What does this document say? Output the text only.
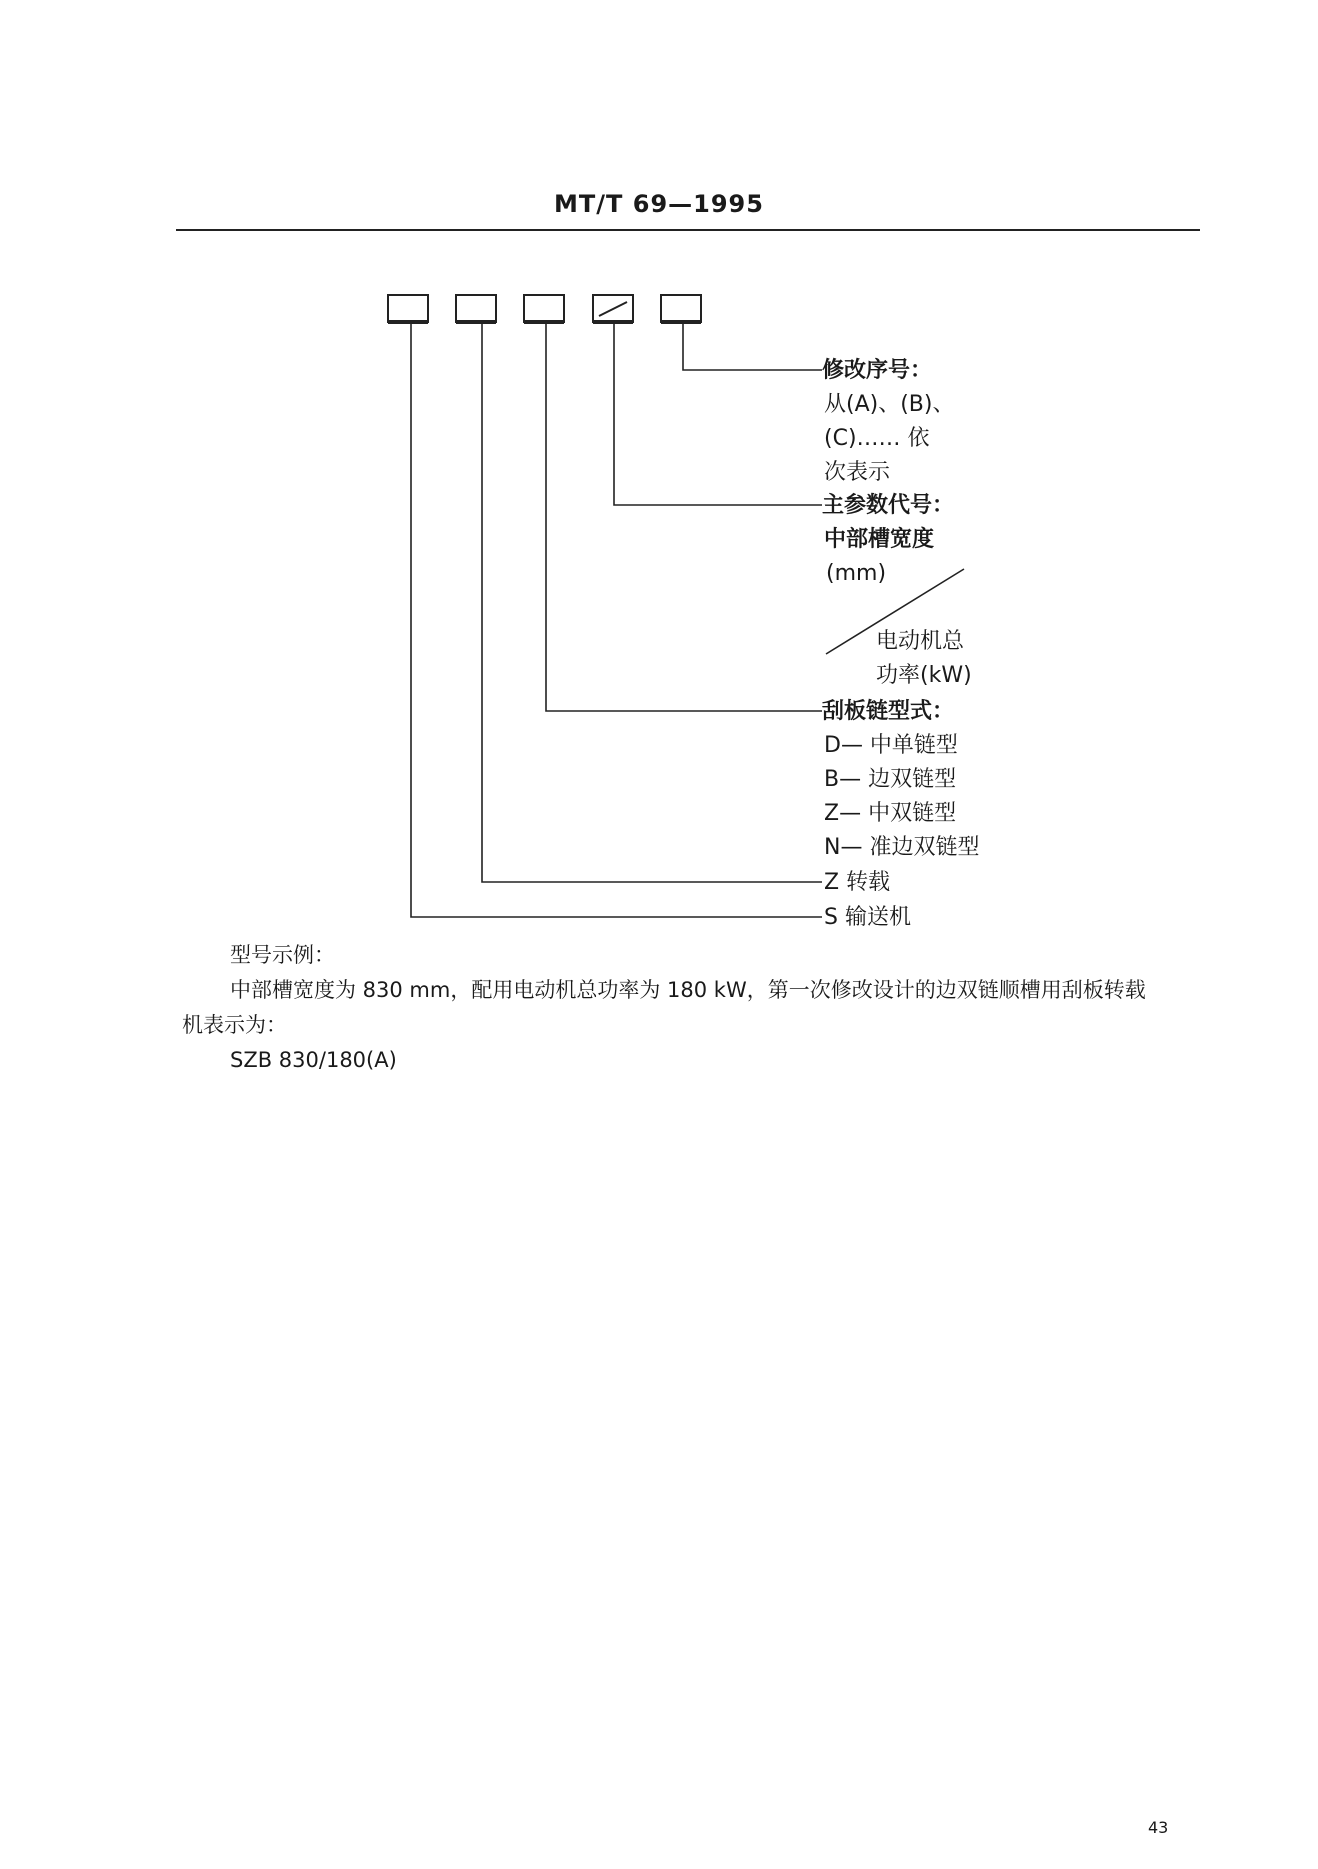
MT/T 69—1995
修改序号：
从(A)、(B)、
(C)…… 依
次表示
主参数代号：
中部槽宽度
(mm)
电动机总
功率(kW)
刮板链型式：
D— 中单链型
B— 边双链型
Z— 中双链型
N— 准边双链型
Z 转载
S 输送机
型号示例：
中部槽宽度为 830 mm，配用电动机总功率为 180 kW，第一次修改设计的边双链顺槽用刮板转载
机表示为：
SZB 830/180(A)
43
